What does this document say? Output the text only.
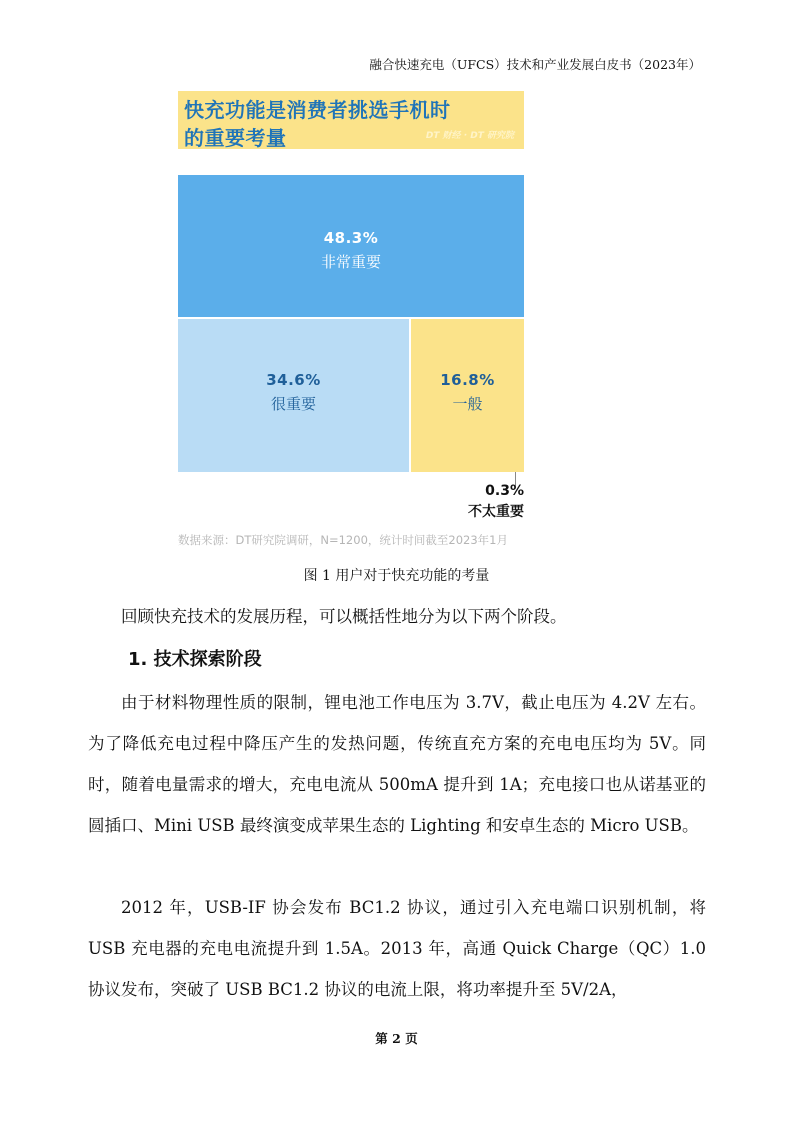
融合快速充电（UFCS）技术和产业发展白皮书（2023年）
快充功能是消费者挑选手机时
的重要考量	DT 财经 · DT 研究院
48.3%
非常重要
34.6%
很重要
16.8%
一般
0.3%
不太重要
数据来源：DT研究院调研，N=1200，统计时间截至2023年1月
图 1 用户对于快充功能的考量

回顾快充技术的发展历程，可以概括性地分为以下两个阶段。

1. 技术探索阶段

由于材料物理性质的限制，锂电池工作电压为 3.7V，截止电压为 4.2V 左右。为了降低充电过程中降压产生的发热问题，传统直充方案的充电电压均为 5V。同时，随着电量需求的增大，充电电流从 500mA 提升到 1A；充电接口也从诺基亚的圆插口、Mini USB 最终演变成苹果生态的 Lighting 和安卓生态的 Micro USB。

2012 年，USB-IF 协会发布 BC1.2 协议，通过引入充电端口识别机制，将 USB 充电器的充电电流提升到 1.5A。2013 年，高通 Quick Charge（QC）1.0 协议发布，突破了 USB BC1.2 协议的电流上限，将功率提升至 5V/2A，

第 2 页
